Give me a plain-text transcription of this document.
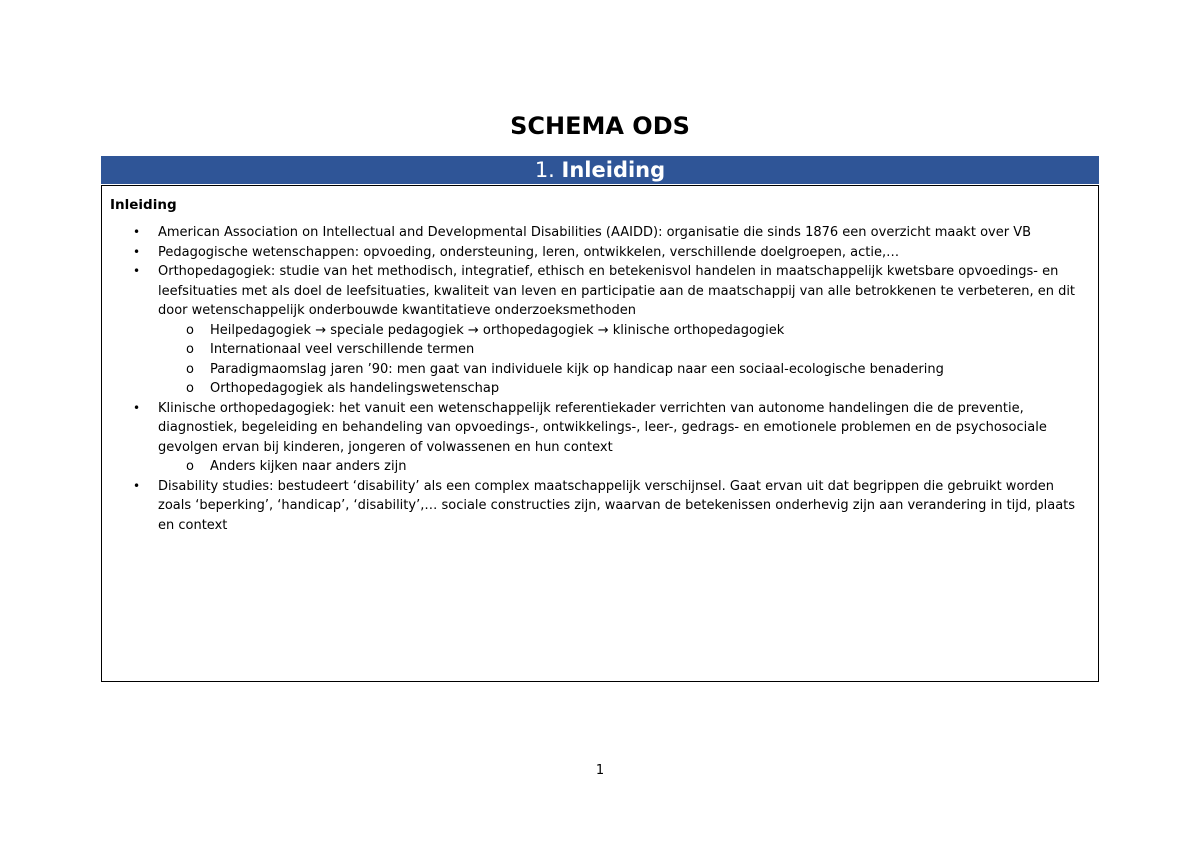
SCHEMA ODS
1. Inleiding
Inleiding
• American Association on Intellectual and Developmental Disabilities (AAIDD): organisatie die sinds 1876 een overzicht maakt over VB
• Pedagogische wetenschappen: opvoeding, ondersteuning, leren, ontwikkelen, verschillende doelgroepen, actie,…
• Orthopedagogiek: studie van het methodisch, integratief, ethisch en betekenisvol handelen in maatschappelijk kwetsbare opvoedings- en leefsituaties met als doel de leefsituaties, kwaliteit van leven en participatie aan de maatschappij van alle betrokkenen te verbeteren, en dit door wetenschappelijk onderbouwde kwantitatieve onderzoeksmethoden
o Heilpedagogiek → speciale pedagogiek → orthopedagogiek → klinische orthopedagogiek
o Internationaal veel verschillende termen
o Paradigmaomslag jaren ’90: men gaat van individuele kijk op handicap naar een sociaal-ecologische benadering
o Orthopedagogiek als handelingswetenschap
• Klinische orthopedagogiek: het vanuit een wetenschappelijk referentiekader verrichten van autonome handelingen die de preventie, diagnostiek, begeleiding en behandeling van opvoedings-, ontwikkelings-, leer-, gedrags- en emotionele problemen en de psychosociale gevolgen ervan bij kinderen, jongeren of volwassenen en hun context
o Anders kijken naar anders zijn
• Disability studies: bestudeert ‘disability’ als een complex maatschappelijk verschijnsel. Gaat ervan uit dat begrippen die gebruikt worden zoals ‘beperking’, ‘handicap’, ‘disability’,… sociale constructies zijn, waarvan de betekenissen onderhevig zijn aan verandering in tijd, plaats en context
1
